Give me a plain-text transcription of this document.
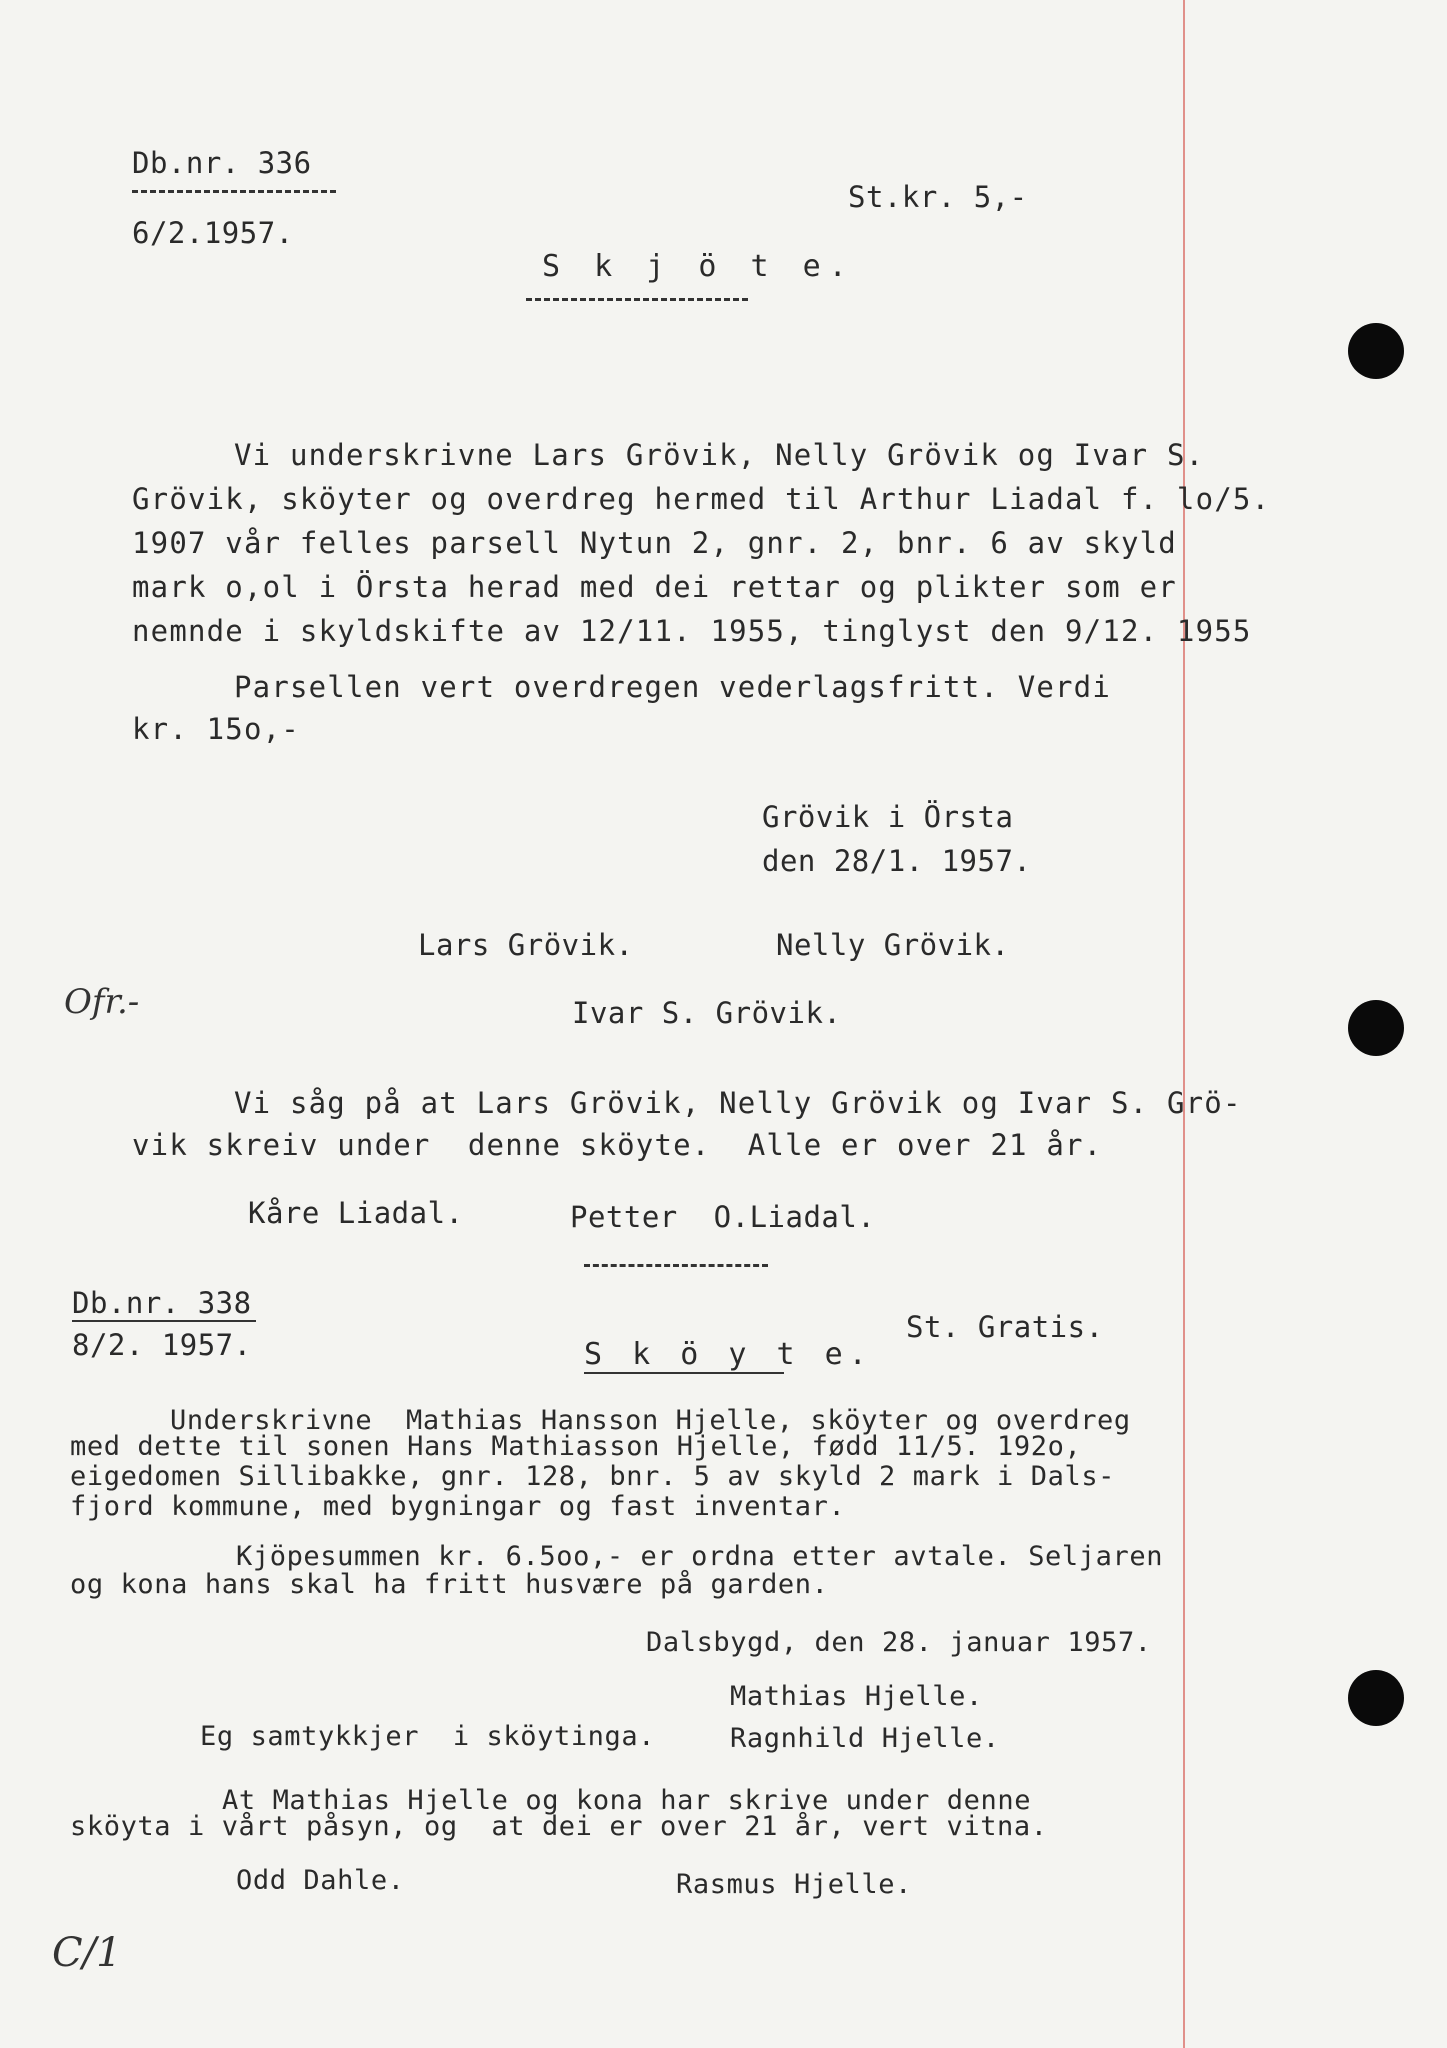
Db.nr. 336
6/2.1957.
St.kr. 5,-
S k j ö t e.
Vi underskrivne Lars Grövik, Nelly Grövik og Ivar S.
Grövik, sköyter og overdreg hermed til Arthur Liadal f. lo/5.
1907 vår felles parsell Nytun 2, gnr. 2, bnr. 6 av skyld
mark o,ol i Örsta herad med dei rettar og plikter som er
nemnde i skyldskifte av 12/11. 1955, tinglyst den 9/12. 1955
Parsellen vert overdregen vederlagsfritt. Verdi
kr. 15o,-
Grövik i Örsta
den 28/1. 1957.
Lars Grövik.	Nelly Grövik.
Ofr.-	Ivar S. Grövik.
Vi såg på at Lars Grövik, Nelly Grövik og Ivar S. Grö-
vik skreiv under  denne sköyte.  Alle er over 21 år.
Kåre Liadal.	Petter  O.Liadal.
Db.nr. 338
8/2. 1957.
St. Gratis.
S k ö y t e.
Underskrivne  Mathias Hansson Hjelle, sköyter og overdreg
med dette til sonen Hans Mathiasson Hjelle, fødd 11/5. 192o,
eigedomen Sillibakke, gnr. 128, bnr. 5 av skyld 2 mark i Dals-
fjord kommune, med bygningar og fast inventar.
Kjöpesummen kr. 6.5oo,- er ordna etter avtale. Seljaren
og kona hans skal ha fritt husvære på garden.
Dalsbygd, den 28. januar 1957.
Mathias Hjelle.
Eg samtykkjer  i sköytinga.	Ragnhild Hjelle.
At Mathias Hjelle og kona har skrive under denne
sköyta i vårt påsyn, og  at dei er over 21 år, vert vitna.
Odd Dahle.	Rasmus Hjelle.
C/1
